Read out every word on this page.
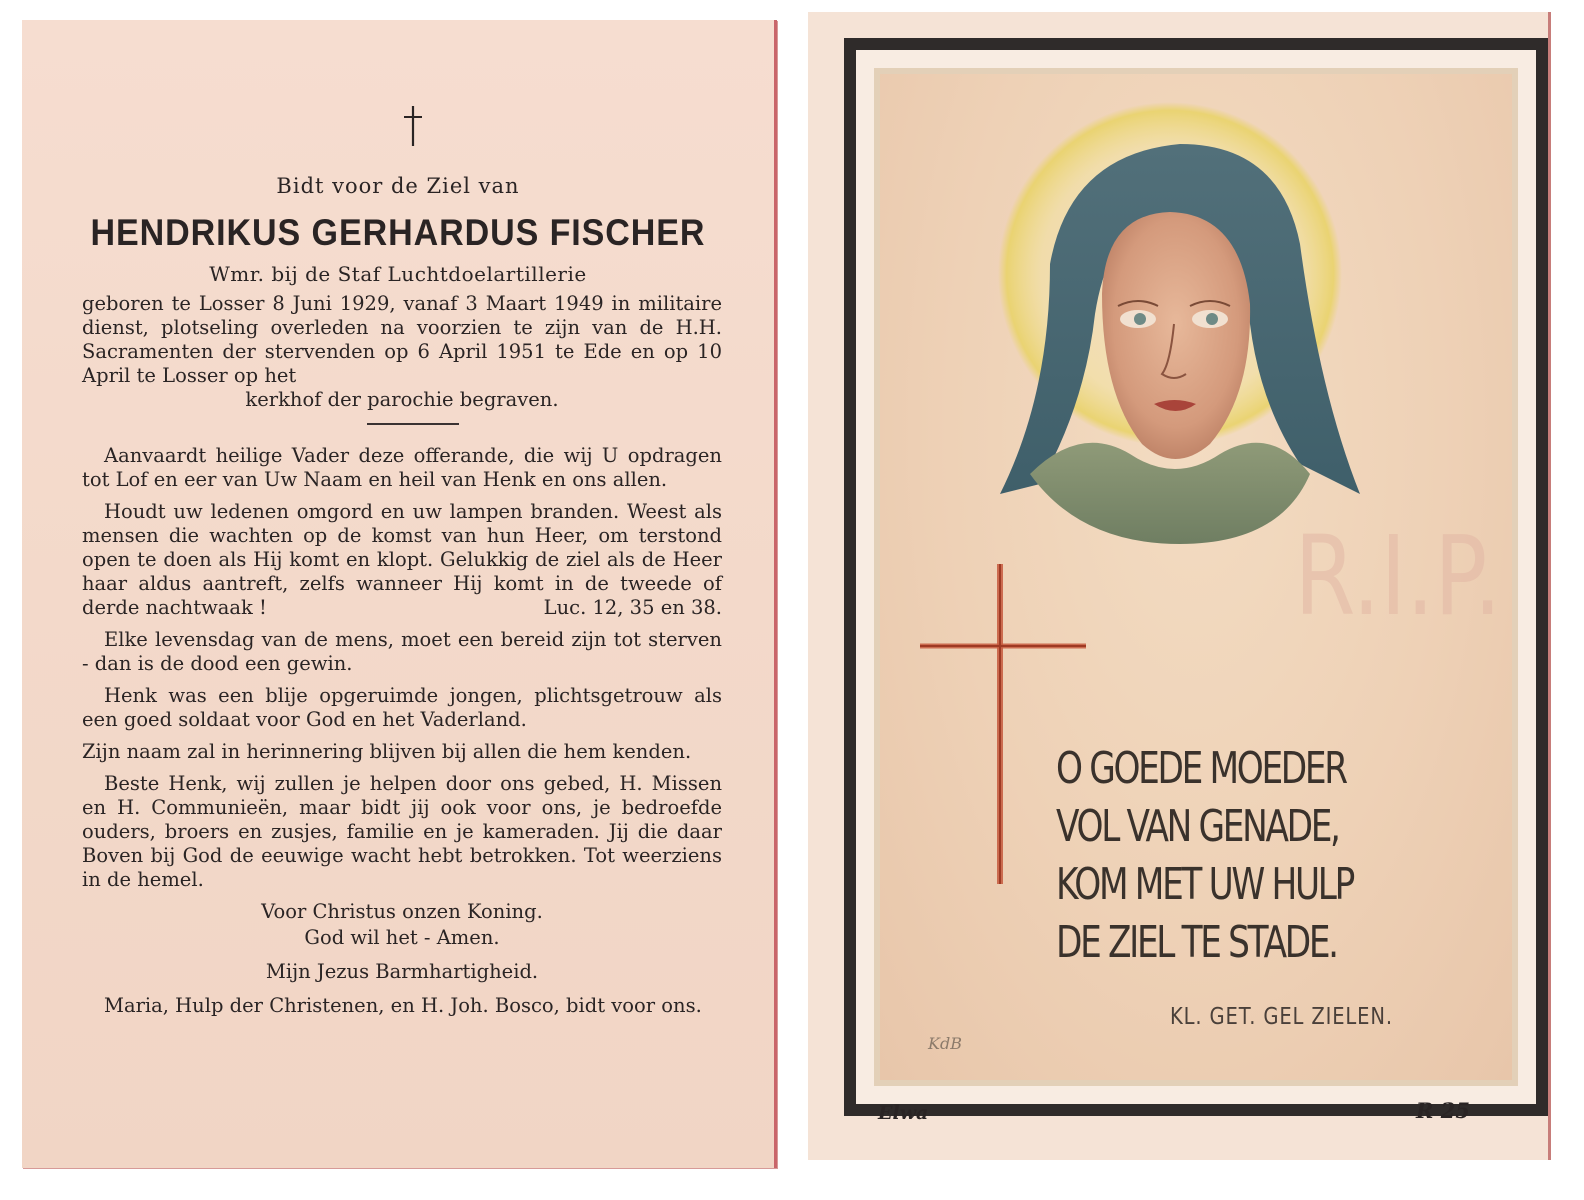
Bidt voor de Ziel van
HENDRIKUS GERHARDUS FISCHER
Wmr. bij de Staf Luchtdoelartillerie

geboren te Losser 8 Juni 1929, vanaf 3 Maart 1949 in militaire dienst, plotseling overleden na voorzien te zijn van de H.H. Sacramenten der stervenden op 6 April 1951 te Ede en op 10 April te Losser op het

kerkhof der parochie begraven.

Aanvaardt heilige Vader deze offerande, die wij U opdragen tot Lof en eer van Uw Naam en heil van Henk en ons allen.

Houdt uw ledenen omgord en uw lampen branden. Weest als mensen die wachten op de komst van hun Heer, om terstond open te doen als Hij komt en klopt. Gelukkig de ziel als de Heer haar aldus aantreft, zelfs wanneer Hij komt in de tweede of derde nachtwaak !	Luc. 12, 35 en 38.

Elke levensdag van de mens, moet een bereid zijn tot sterven - dan is de dood een gewin.

Henk was een blije opgeruimde jongen, plichtsgetrouw als een goed soldaat voor God en het Vaderland.

Zijn naam zal in herinnering blijven bij allen die hem kenden.

Beste Henk, wij zullen je helpen door ons gebed, H. Missen en H. Communieën, maar bidt jij ook voor ons, je bedroefde ouders, broers en zusjes, familie en je kameraden. Jij die daar Boven bij God de eeuwige wacht hebt betrokken. Tot weerziens in de hemel.

Voor Christus onzen Koning.

God wil het - Amen.

Mijn Jezus Barmhartigheid.

Maria, Hulp der Christenen, en H. Joh. Bosco, bidt voor ons.

R.I.P.
O GOEDE MOEDER
VOL VAN GENADE,
KOM MET UW HULP
DE ZIEL TE STADE.
KL. GET. GEL ZIELEN.
KdB
Elwa	R 25
